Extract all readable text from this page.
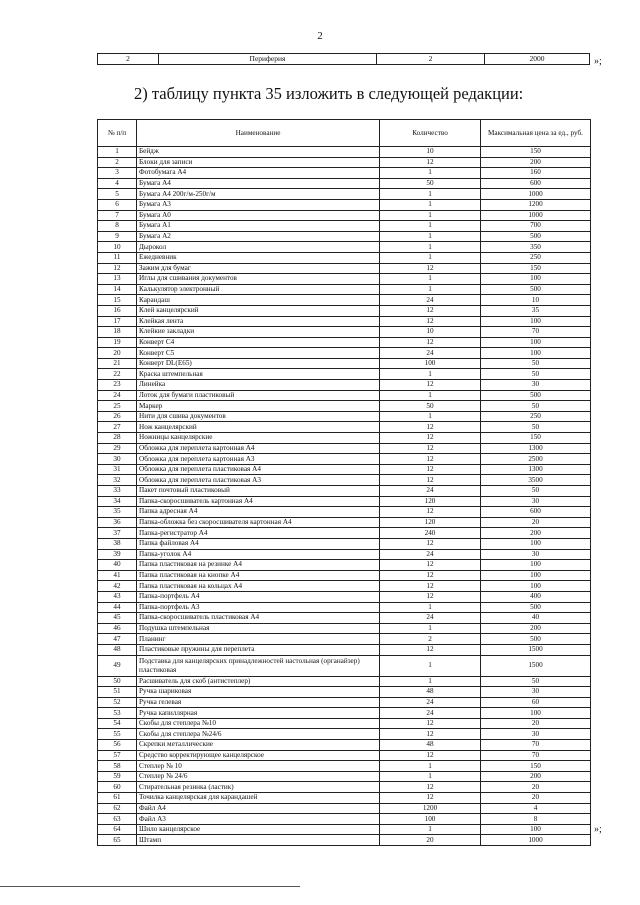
2
2	Периферия	2	2000	»;
2) таблицу пункта 35 изложить в следующей редакции:
№ п/п	Наименование	Количество	Максимальная цена за ед., руб.
1	Бейдж	10	150
2	Блоки для записи	12	200
3	Фотобумага А4	1	160
4	Бумага А4	50	600
5	Бумага А4 200г/м-250г/м	1	1000
6	Бумага А3	1	1200
7	Бумага А0	1	1000
8	Бумага А1	1	700
9	Бумага А2	1	500
10	Дырокол	1	350
11	Ежедневник	1	250
12	Зажим для бумаг	12	150
13	Иглы для сшивания документов	1	100
14	Калькулятор электронный	1	500
15	Карандаш	24	10
16	Клей канцелярский	12	35
17	Клейкая лента	12	100
18	Клейкие закладки	10	70
19	Конверт С4	12	100
20	Конверт С5	24	100
21	Конверт DL(Е65)	100	50
22	Краска штемпельная	1	50
23	Линейка	12	30
24	Лоток для бумаги пластиковый	1	500
25	Маркер	50	50
26	Нити для сшива документов	1	250
27	Нож канцелярский	12	50
28	Ножницы канцелярские	12	150
29	Обложка для переплета картонная А4	12	1300
30	Обложка для переплета картонная А3	12	2500
31	Обложка для переплета пластиковая А4	12	1300
32	Обложка для переплета пластиковая А3	12	3500
33	Пакет почтовый пластиковый	24	50
34	Папка-скоросшиватель картонная А4	120	30
35	Папка адресная А4	12	600
36	Папка-обложка без скоросшивателя картонная А4	120	20
37	Папка-регистратор А4	240	200
38	Папка файловая А4	12	100
39	Папка-уголок А4	24	30
40	Папка пластиковая на резинке А4	12	100
41	Папка пластиковая на кнопке А4	12	100
42	Папка пластиковая на кольцах А4	12	100
43	Папка-портфель А4	12	400
44	Папка-портфель А3	1	500
45	Папка-скоросшиватель пластиковая А4	24	40
46	Подушка штемпельная	1	200
47	Планинг	2	500
48	Пластиковые пружины для переплета	12	1500
49	Подставка для канцелярских принадлежностей настольная (органайзер) пластиковая	1	1500
50	Расшиватель для скоб (антистеплер)	1	50
51	Ручка шариковая	48	30
52	Ручка гелевая	24	60
53	Ручка капиллярная	24	100
54	Скобы для степлера №10	12	20
55	Скобы для степлера №24/6	12	30
56	Скрепки металлические	48	70
57	Средство корректирующее канцелярское	12	70
58	Степлер № 10	1	150
59	Степлер № 24/6	1	200
60	Стирательная резинка (ластик)	12	20
61	Точилка канцелярская для карандашей	12	20
62	Файл А4	1200	4
63	Файл А3	100	8
64	Шило канцелярское	1	100
65	Штамп	20	1000
»;
